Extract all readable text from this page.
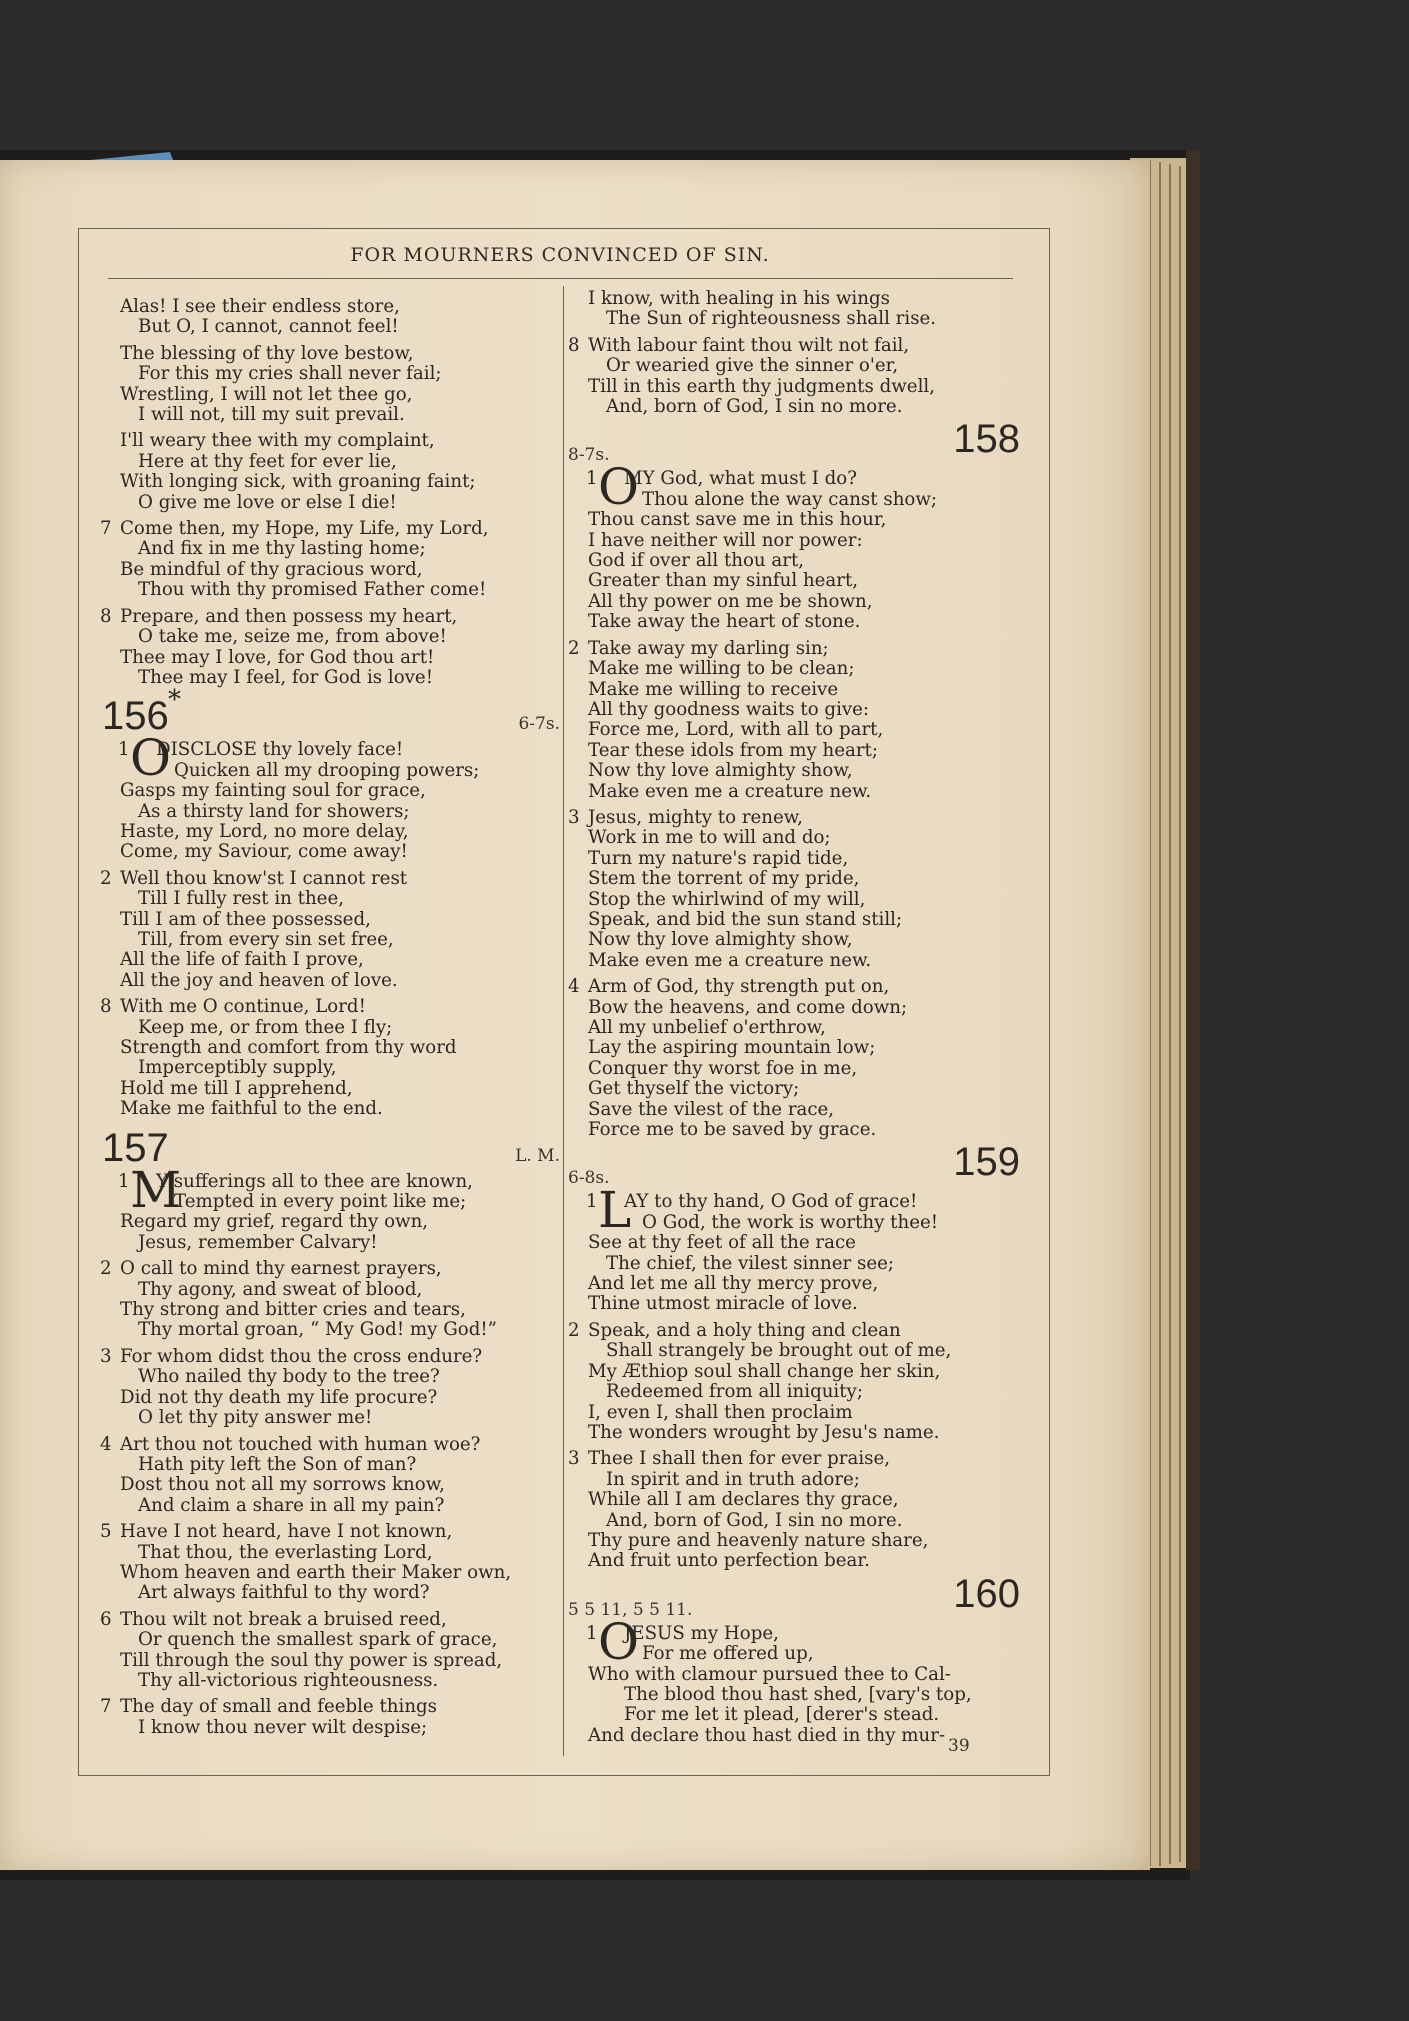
FOR MOURNERS CONVINCED OF SIN.
Alas! I see their endless store,
But O, I cannot, cannot feel!
The blessing of thy love bestow,
For this my cries shall never fail;
Wrestling, I will not let thee go,
I will not, till my suit prevail.
I'll weary thee with my complaint,
Here at thy feet for ever lie,
With longing sick, with groaning faint;
O give me love or else I die!
Come then, my Hope, my Life, my Lord,
7
And fix in me thy lasting home;
Be mindful of thy gracious word,
Thou with thy promised Father come!
Prepare, and then possess my heart,
8
O take me, seize me, from above!
Thee may I love, for God thou art!
Thee may I feel, for God is love!
156	6-7s.
*
1 O
DISCLOSE thy lovely face!
Quicken all my drooping powers;
Gasps my fainting soul for grace,
As a thirsty land for showers;
Haste, my Lord, no more delay,
Come, my Saviour, come away!
Well thou know'st I cannot rest
2
Till I fully rest in thee,
Till I am of thee possessed,
Till, from every sin set free,
All the life of faith I prove,
All the joy and heaven of love.
With me O continue, Lord!
8
Keep me, or from thee I fly;
Strength and comfort from thy word
Imperceptibly supply,
Hold me till I apprehend,
Make me faithful to the end.
157	L. M.
1 M
Y sufferings all to thee are known,
Tempted in every point like me;
Regard my grief, regard thy own,
Jesus, remember Calvary!
O call to mind thy earnest prayers,
2
Thy agony, and sweat of blood,
Thy strong and bitter cries and tears,
Thy mortal groan, “ My God! my God!”
For whom didst thou the cross endure?
3
Who nailed thy body to the tree?
Did not thy death my life procure?
O let thy pity answer me!
Art thou not touched with human woe?
4
Hath pity left the Son of man?
Dost thou not all my sorrows know,
And claim a share in all my pain?
Have I not heard, have I not known,
5
That thou, the everlasting Lord,
Whom heaven and earth their Maker own,
Art always faithful to thy word?
Thou wilt not break a bruised reed,
6
Or quench the smallest spark of grace,
Till through the soul thy power is spread,
Thy all-victorious righteousness.
The day of small and feeble things
7
I know thou never wilt despise;
I know, with healing in his wings
The Sun of righteousness shall rise.
With labour faint thou wilt not fail,
8
Or wearied give the sinner o'er,
Till in this earth thy judgments dwell,
And, born of God, I sin no more.
158
8-7s.
1 O
MY God, what must I do?
Thou alone the way canst show;
Thou canst save me in this hour,
I have neither will nor power:
God if over all thou art,
Greater than my sinful heart,
All thy power on me be shown,
Take away the heart of stone.
Take away my darling sin;
2
Make me willing to be clean;
Make me willing to receive
All thy goodness waits to give:
Force me, Lord, with all to part,
Tear these idols from my heart;
Now thy love almighty show,
Make even me a creature new.
Jesus, mighty to renew,
3
Work in me to will and do;
Turn my nature's rapid tide,
Stem the torrent of my pride,
Stop the whirlwind of my will,
Speak, and bid the sun stand still;
Now thy love almighty show,
Make even me a creature new.
Arm of God, thy strength put on,
4
Bow the heavens, and come down;
All my unbelief o'erthrow,
Lay the aspiring mountain low;
Conquer thy worst foe in me,
Get thyself the victory;
Save the vilest of the race,
Force me to be saved by grace.
159
6-8s.
1 L
AY to thy hand, O God of grace!
O God, the work is worthy thee!
See at thy feet of all the race
The chief, the vilest sinner see;
And let me all thy mercy prove,
Thine utmost miracle of love.
Speak, and a holy thing and clean
2
Shall strangely be brought out of me,
My Æthiop soul shall change her skin,
Redeemed from all iniquity;
I, even I, shall then proclaim
The wonders wrought by Jesu's name.
Thee I shall then for ever praise,
3
In spirit and in truth adore;
While all I am declares thy grace,
And, born of God, I sin no more.
Thy pure and heavenly nature share,
And fruit unto perfection bear.
160
5 5 11, 5 5 11.
1 O
JESUS my Hope,
For me offered up,
Who with clamour pursued thee to Cal-
The blood thou hast shed, [vary's top,
For me let it plead, [derer's stead.
And declare thou hast died in thy mur-
39
